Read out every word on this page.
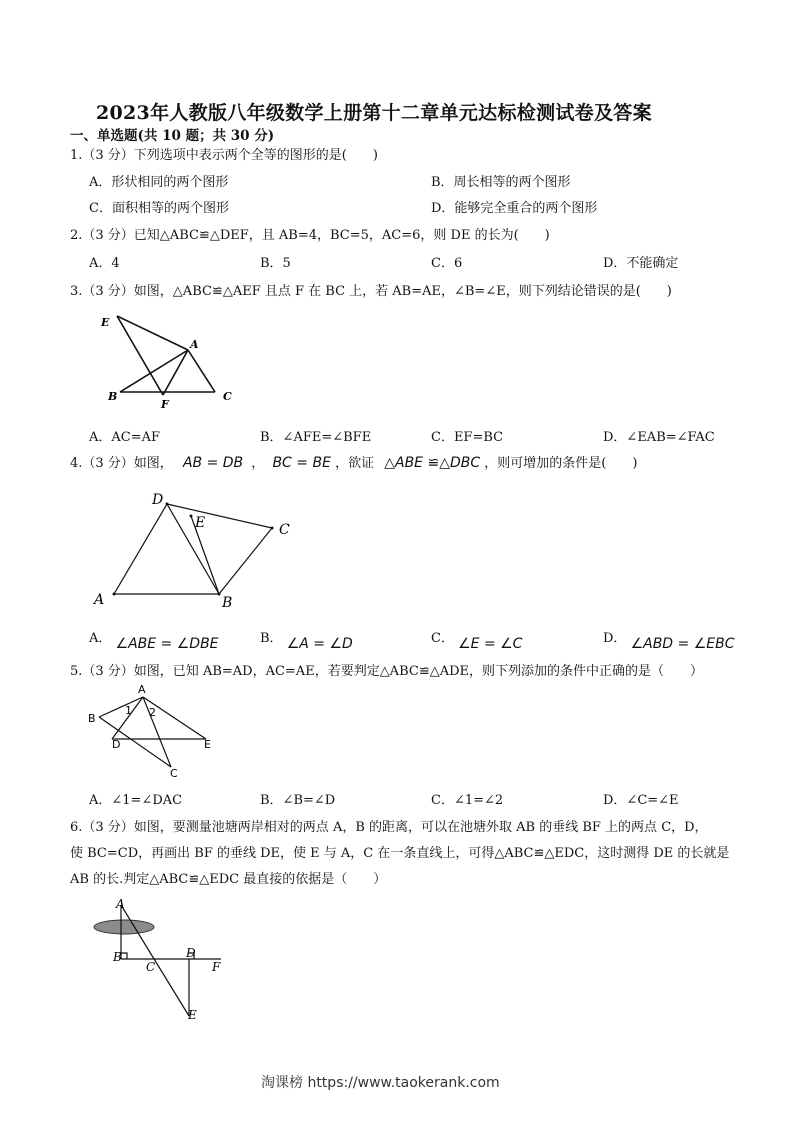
2023年人教版八年级数学上册第十二章单元达标检测试卷及答案
一、单选题(共 10 题；共 30 分)
1.（3 分）下列选项中表示两个全等的图形的是(　　)
A．形状相同的两个图形	B．周长相等的两个图形
C．面积相等的两个图形	D．能够完全重合的两个图形
2.（3 分）已知△ABC≌△DEF，且 AB=4，BC=5，AC=6，则 DE 的长为(　　)
A．4	B．5	C．6	D．不能确定
3.（3 分）如图，△ABC≌△AEF 且点 F 在 BC 上，若 AB=AE，∠B=∠E，则下列结论错误的是(　　)
E
A
B
F
C
A．AC=AF	B．∠AFE=∠BFE	C．EF=BC	D．∠EAB=∠FAC
4.（3 分）如图， AB = DB ， BC = BE ，欲证 △ABE ≌△DBC ，则可增加的条件是(　　)
D
E	C
A	B
A． ∠ABE = ∠DBE	B． ∠A = ∠D	C． ∠E = ∠C	D． ∠ABD = ∠EBC
5.（3 分）如图，已知 AB=AD，AC=AE，若要判定△ABC≌△ADE，则下列添加的条件中正确的是（　　）
A
B
1 2
D	E
C
A．∠1=∠DAC	B．∠B=∠D	C．∠1=∠2	D．∠C=∠E
6.（3 分）如图，要测量池塘两岸相对的两点 A，B 的距离，可以在池塘外取 AB 的垂线 BF 上的两点 C，D，
使 BC=CD，再画出 BF 的垂线 DE，使 E 与 A，C 在一条直线上，可得△ABC≌△EDC，这时测得 DE 的长就是
AB 的长.判定△ABC≌△EDC 最直接的依据是（　　）
A
B
C
D
F
E
淘课榜 https://www.taokerank.com
